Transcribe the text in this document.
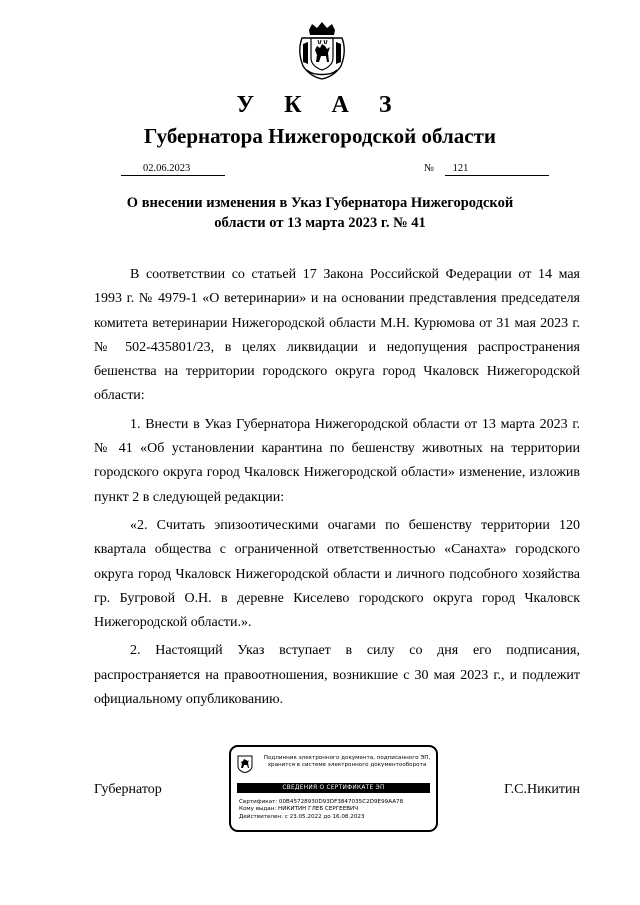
У К А З
Губернатора Нижегородской области
02.06.2023	№ 121
О внесении изменения в Указ Губернатора Нижегородской
области от 13 марта 2023 г. № 41

В соответствии со статьей 17 Закона Российской Федерации от 14 мая 1993 г. № 4979-1 «О ветеринарии» и на основании представления председателя комитета ветеринарии Нижегородской области М.Н. Курюмова от 31 мая 2023 г. № 502-435801/23, в целях ликвидации и недопущения распространения бешенства на территории городского округа город Чкаловск Нижегородской области:

1. Внести в Указ Губернатора Нижегородской области от 13 марта 2023 г. № 41 «Об установлении карантина по бешенству животных на территории городского округа город Чкаловск Нижегородской области» изменение, изложив пункт 2 в следующей редакции:

«2. Считать эпизоотическими очагами по бешенству территории 120 квартала общества с ограниченной ответственностью «Санахта» городского округа город Чкаловск Нижегородской области и личного подсобного хозяйства гр. Бугровой О.Н. в деревне Киселево городского округа город Чкаловск Нижегородской области.».

2. Настоящий Указ вступает в силу со дня его подписания, распространяется на правоотношения, возникшие с 30 мая 2023 г., и подлежит официальному опубликованию.

Губернатор	Г.С.Никитин
Подлинник электронного документа, подписанного ЭП,
хранится в системе электронного документооборота
СВЕДЕНИЯ О СЕРТИФИКАТЕ ЭП
Сертификат: 00B45728930D93DF3847035C2D9E99AA78
Кому выдан: НИКИТИН ГЛЕБ СЕРГЕЕВИЧ
Действителен: с 23.05.2022 до 16.08.2023
